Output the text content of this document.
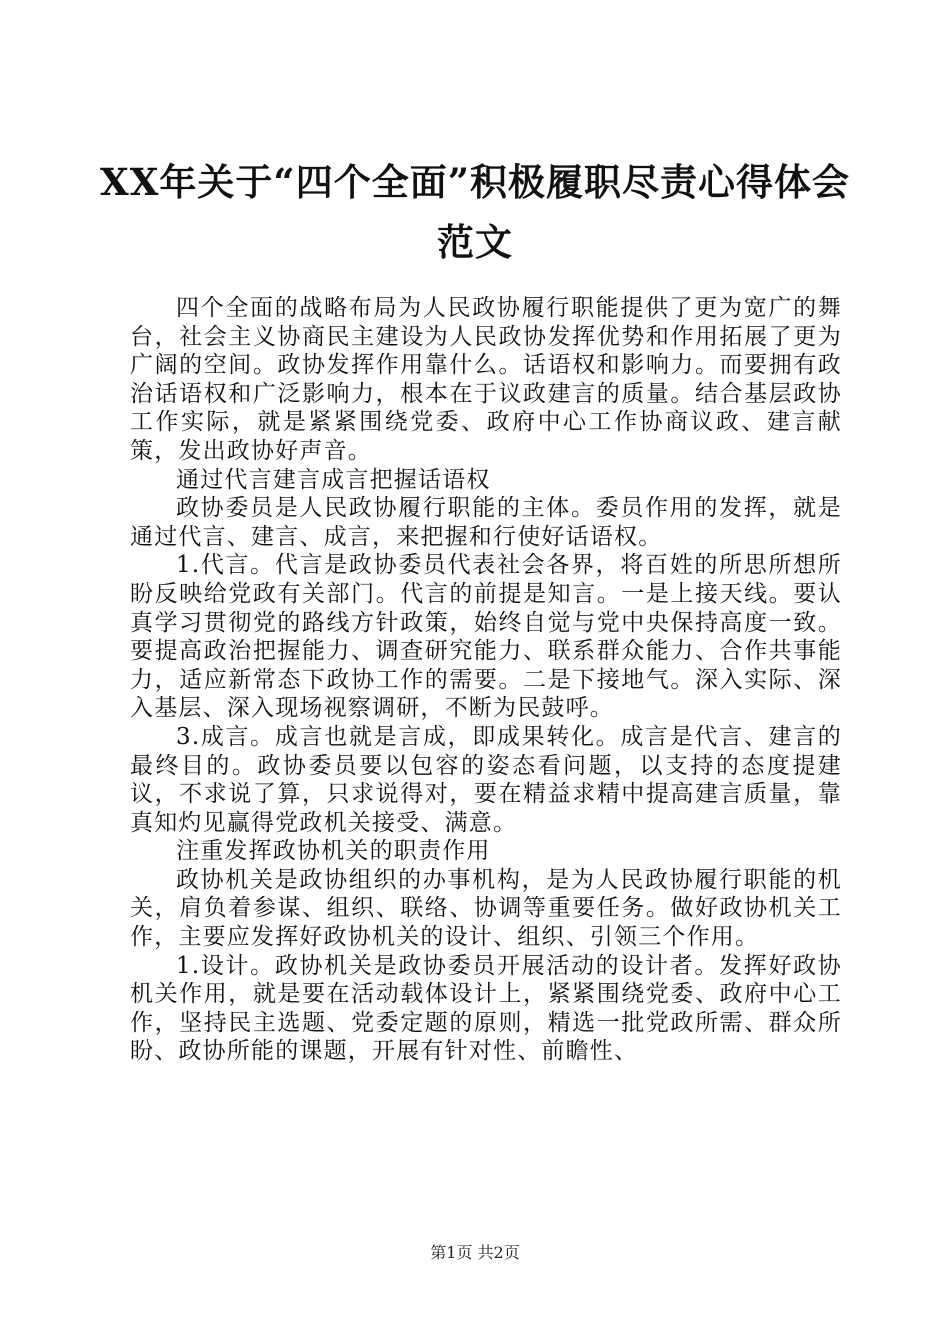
XX年关于“四个全面”积极履职尽责心得体会范文

四个全面的战略布局为人民政协履行职能提供了更为宽广的舞台，社会主义协商民主建设为人民政协发挥优势和作用拓展了更为广阔的空间。政协发挥作用靠什么。话语权和影响力。而要拥有政治话语权和广泛影响力，根本在于议政建言的质量。结合基层政协工作实际，就是紧紧围绕党委、政府中心工作协商议政、建言献策，发出政协好声音。

通过代言建言成言把握话语权

政协委员是人民政协履行职能的主体。委员作用的发挥，就是通过代言、建言、成言，来把握和行使好话语权。

1.代言。代言是政协委员代表社会各界，将百姓的所思所想所盼反映给党政有关部门。代言的前提是知言。一是上接天线。要认真学习贯彻党的路线方针政策，始终自觉与党中央保持高度一致。要提高政治把握能力、调查研究能力、联系群众能力、合作共事能力，适应新常态下政协工作的需要。二是下接地气。深入实际、深入基层、深入现场视察调研，不断为民鼓呼。

3.成言。成言也就是言成，即成果转化。成言是代言、建言的最终目的。政协委员要以包容的姿态看问题，以支持的态度提建议，不求说了算，只求说得对，要在精益求精中提高建言质量，靠真知灼见赢得党政机关接受、满意。

注重发挥政协机关的职责作用

政协机关是政协组织的办事机构，是为人民政协履行职能的机关，肩负着参谋、组织、联络、协调等重要任务。做好政协机关工作，主要应发挥好政协机关的设计、组织、引领三个作用。

1.设计。政协机关是政协委员开展活动的设计者。发挥好政协机关作用，就是要在活动载体设计上，紧紧围绕党委、政府中心工作，坚持民主选题、党委定题的原则，精选一批党政所需、群众所盼、政协所能的课题，开展有针对性、前瞻性、

第1页 共2页
